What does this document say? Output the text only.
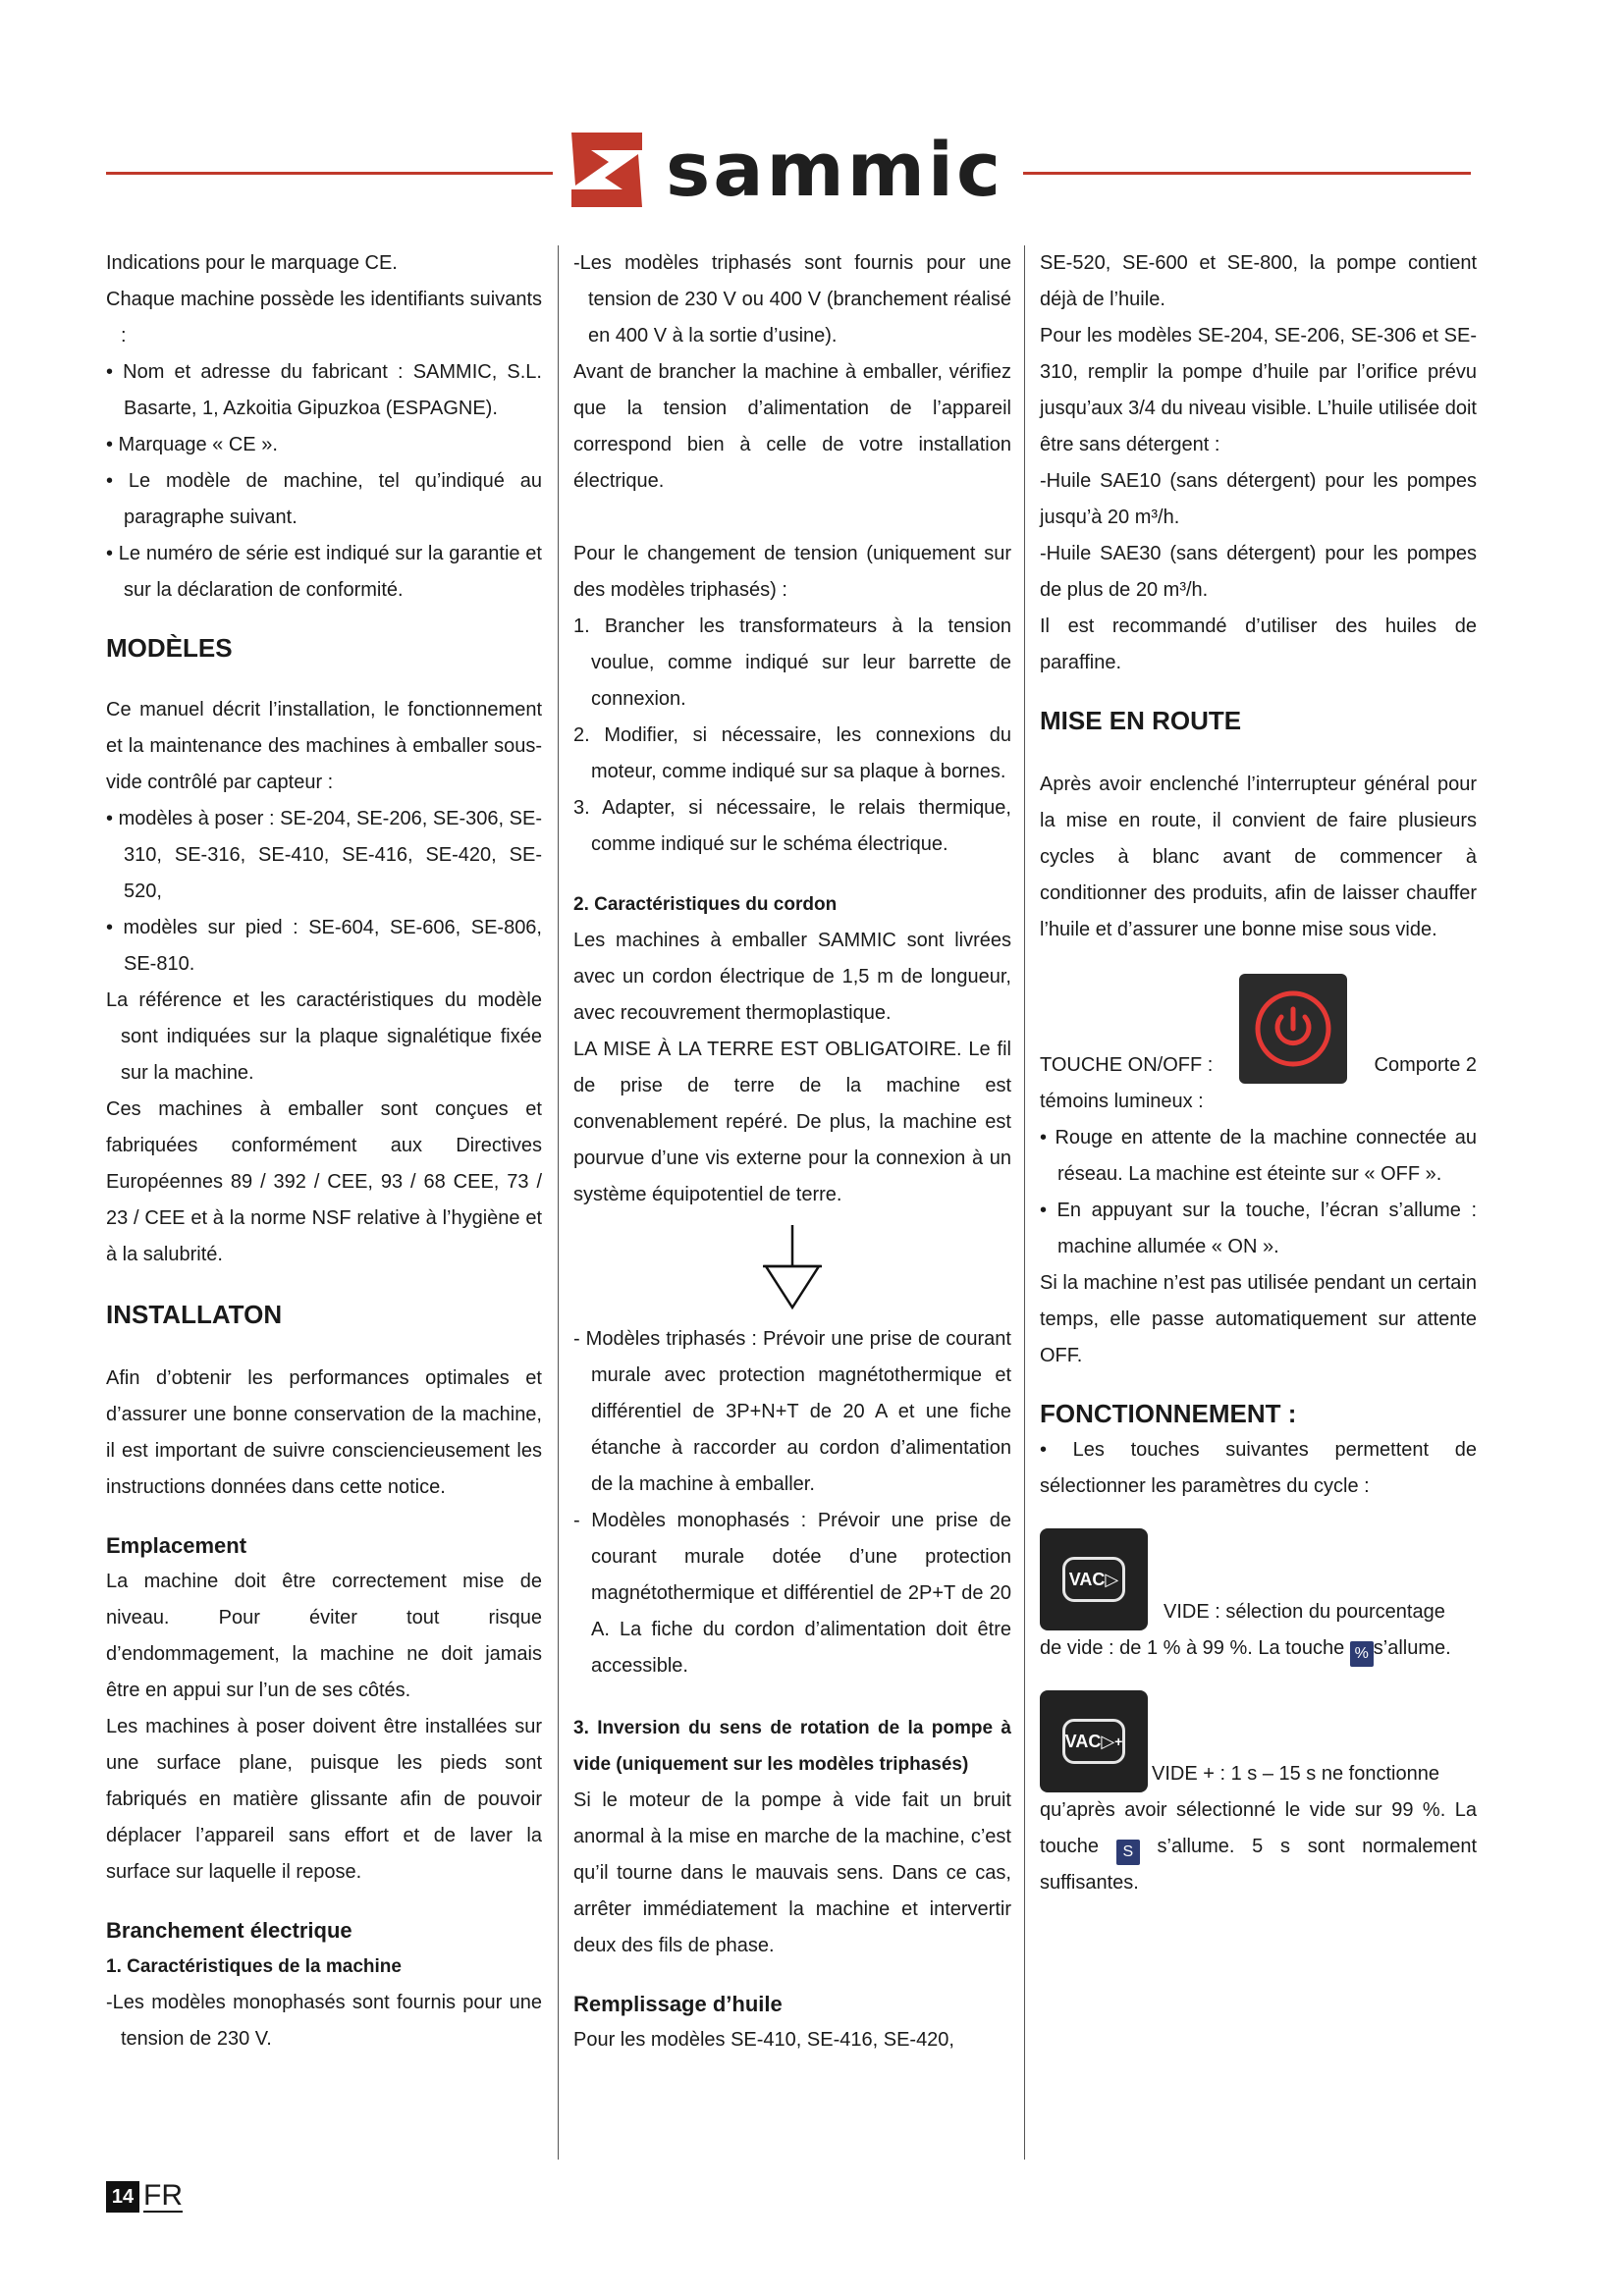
sammic

Indications pour le marquage CE.

Chaque machine possède les identifiants suivants :

• Nom et adresse du fabricant : SAMMIC, S.L. Basarte, 1, Azkoitia Gipuzkoa (ESPAGNE).

• Marquage « CE ».

• Le modèle de machine, tel qu’indiqué au paragraphe suivant.

• Le numéro de série est indiqué sur la garantie et sur la déclaration de conformité.

MODÈLES

Ce manuel décrit l’installation, le fonctionnement et la maintenance des machines à emballer sous-vide contrôlé par capteur :

• modèles à poser : SE-204, SE-206, SE-306, SE-310, SE-316, SE-410, SE-416, SE-420, SE-520,

• modèles sur pied : SE-604, SE-606, SE-806, SE-810.

La référence et les caractéristiques du modèle sont indiquées sur la plaque signalétique fixée sur la machine.

Ces machines à emballer sont conçues et fabriquées conformément aux Directives Européennes 89 / 392 / CEE, 93 / 68 CEE, 73 / 23 / CEE et à la norme NSF relative à l’hygiène et à la salubrité.

INSTALLATON

Afin d’obtenir les performances optimales et d’assurer une bonne conservation de la machine, il est important de suivre consciencieusement les instructions données dans cette notice.

Emplacement

La machine doit être correctement mise de niveau. Pour éviter tout risque d’endommagement, la machine ne doit jamais être en appui sur l’un de ses côtés.

Les machines à poser doivent être installées sur une surface plane, puisque les pieds sont fabriqués en matière glissante afin de pouvoir déplacer l’appareil sans effort et de laver la surface sur laquelle il repose.

Branchement électrique

1. Caractéristiques de la machine

-Les modèles monophasés sont fournis pour une tension de 230 V.

-Les modèles triphasés sont fournis pour une tension de 230 V ou 400 V (branchement réalisé en 400 V à la sortie d’usine).

Avant de brancher la machine à emballer, vérifiez que la tension d’alimentation de l’appareil correspond bien à celle de votre installation électrique.

Pour le changement de tension (uniquement sur des modèles triphasés) :

1. Brancher les transformateurs à la tension voulue, comme indiqué sur leur barrette de connexion.

2. Modifier, si nécessaire, les connexions du moteur, comme indiqué sur sa plaque à bornes.

3. Adapter, si nécessaire, le relais thermique, comme indiqué sur le schéma électrique.

2. Caractéristiques du cordon

Les machines à emballer SAMMIC sont livrées avec un cordon électrique de 1,5 m de longueur, avec recouvrement thermoplastique.

LA MISE À LA TERRE EST OBLIGATOIRE. Le fil de prise de terre de la machine est convenablement repéré. De plus, la machine est pourvue d’une vis externe pour la connexion à un système équipotentiel de terre.

- Modèles triphasés : Prévoir une prise de courant murale avec protection magnétothermique et différentiel de 3P+N+T de 20 A et une fiche étanche à raccorder au cordon d’alimentation de la machine à emballer.

- Modèles monophasés : Prévoir une prise de courant murale dotée d’une protection magnétothermique et différentiel de 2P+T de 20 A. La fiche du cordon d’alimentation doit être accessible.

3. Inversion du sens de rotation de la pompe à vide (uniquement sur les modèles triphasés)

Si le moteur de la pompe à vide fait un bruit anormal à la mise en marche de la machine, c’est qu’il tourne dans le mauvais sens. Dans ce cas, arrêter immédiatement la machine et intervertir deux des fils de phase.

Remplissage d’huile

Pour les modèles SE-410, SE-416, SE-420,

SE-520, SE-600 et SE-800, la pompe contient déjà de l’huile.

Pour les modèles SE-204, SE-206, SE-306 et SE-310, remplir la pompe d’huile par l’orifice prévu jusqu’aux 3/4 du niveau visible. L’huile utilisée doit être sans détergent :

-Huile SAE10 (sans détergent) pour les pompes jusqu’à 20 m³/h.

-Huile SAE30 (sans détergent) pour les pompes de plus de 20 m³/h.

Il est recommandé d’utiliser des huiles de paraffine.

MISE EN ROUTE

Après avoir enclenché l’interrupteur général pour la mise en route, il convient de faire plusieurs cycles à blanc avant de commencer à conditionner des produits, afin de laisser chauffer l’huile et d’assurer une bonne mise sous vide.

TOUCHE ON/OFF :	Comporte 2

témoins lumineux :

• Rouge en attente de la machine connectée au réseau. La machine est éteinte sur « OFF ».

• En appuyant sur la touche, l’écran s’allume : machine allumée « ON ».

Si la machine n’est pas utilisée pendant un certain temps, elle passe automatiquement sur attente OFF.

FONCTIONNEMENT :

• Les touches suivantes permettent de sélectionner les paramètres du cycle :

VAC ▷
VIDE : sélection du pourcentage

de vide : de 1 % à 99 %. La touche % s’allume.

VAC ▷ +
VIDE + : 1 s – 15 s ne fonctionne

qu’après avoir sélectionné le vide sur 99 %. La touche S s’allume. 5 s sont normalement suffisantes.

14 FR
